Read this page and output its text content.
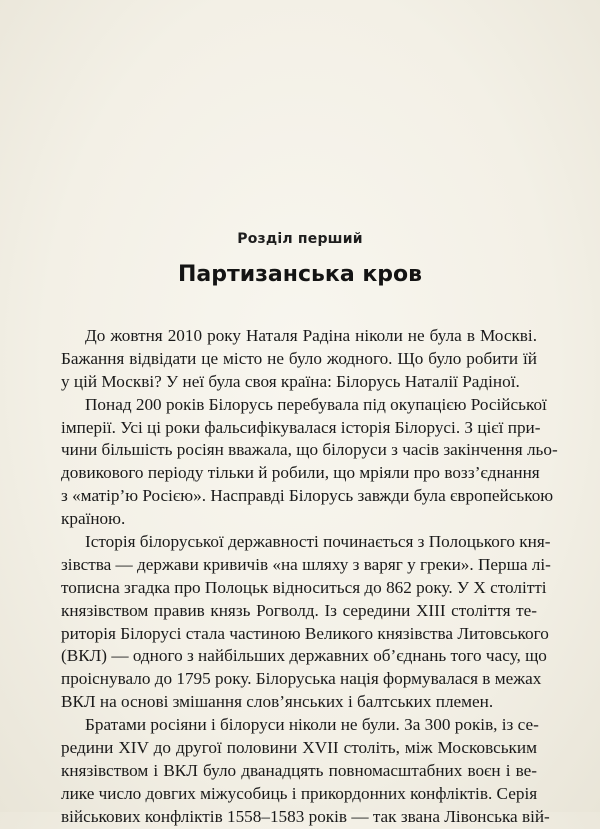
Розділ перший
Партизанська кров
До жовтня 2010 року Наталя Радіна ніколи не була в Москві.
Бажання відвідати це місто не було жодного. Що було робити їй
у цій Москві? У неї була своя країна: Білорусь Наталії Радіної.
Понад 200 років Білорусь перебувала під окупацією Російської
імперії. Усі ці роки фальсифікувалася історія Білорусі. З цієї при-
чини більшість росіян вважала, що білоруси з часів закінчення льо-
довикового періоду тільки й робили, що мріяли про возз’єднання
з «матір’ю Росією». Насправді Білорусь завжди була європейською
країною.
Історія білоруської державності починається з Полоцького кня-
зівства — держави кривичів «на шляху з варяг у греки». Перша лі-
тописна згадка про Полоцьк відноситься до 862 року. У X столітті
князівством правив князь Рогволд. Із середини XIII століття те-
риторія Білорусі стала частиною Великого князівства Литовського
(ВКЛ) — одного з найбільших державних об’єднань того часу, що
проіснувало до 1795 року. Білоруська нація формувалася в межах
ВКЛ на основі змішання слов’янських і балтських племен.
Братами росіяни і білоруси ніколи не були. За 300 років, із се-
редини XIV до другої половини XVII століть, між Московським
князівством і ВКЛ було дванадцять повномасштабних воєн і ве-
лике число довгих міжусобиць і прикордонних конфліктів. Серія
військових конфліктів 1558–1583 років — так звана Лівонська вій-
